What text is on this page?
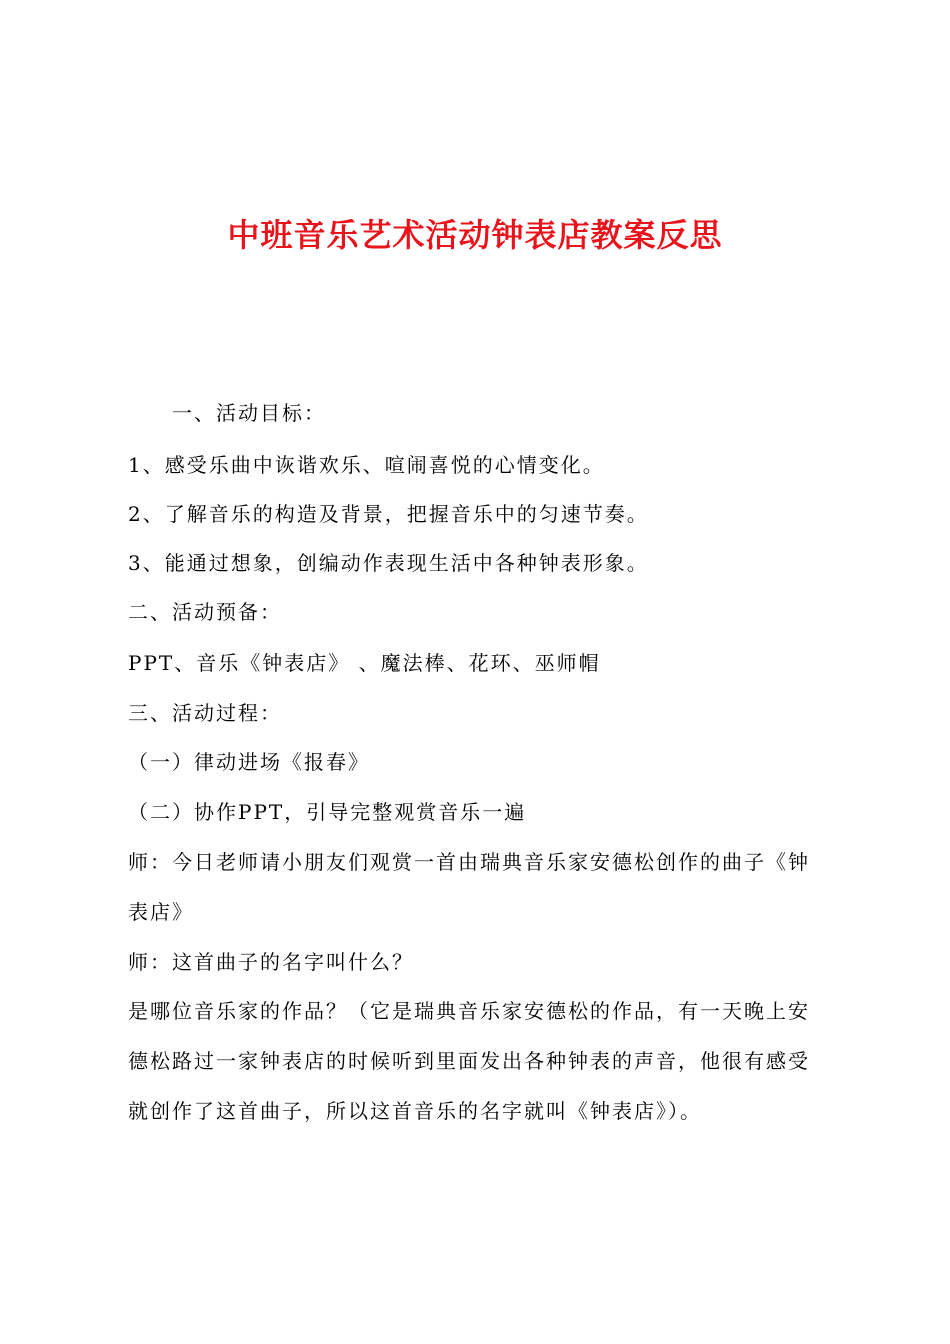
中班音乐艺术活动钟表店教案反思
一、活动目标：
1、感受乐曲中诙谐欢乐、喧闹喜悦的心情变化。
2、了解音乐的构造及背景，把握音乐中的匀速节奏。
3、能通过想象，创编动作表现生活中各种钟表形象。
二、活动预备：
PPT、音乐《钟表店》 、魔法棒、花环、巫师帽
三、活动过程：
（一）律动进场《报春》
（二）协作PPT，引导完整观赏音乐一遍
师：今日老师请小朋友们观赏一首由瑞典音乐家安德松创作的曲子《钟
表店》
师：这首曲子的名字叫什么？
是哪位音乐家的作品？（它是瑞典音乐家安德松的作品，有一天晚上安
德松路过一家钟表店的时候听到里面发出各种钟表的声音，他很有感受
就创作了这首曲子，所以这首音乐的名字就叫《钟表店》）。
